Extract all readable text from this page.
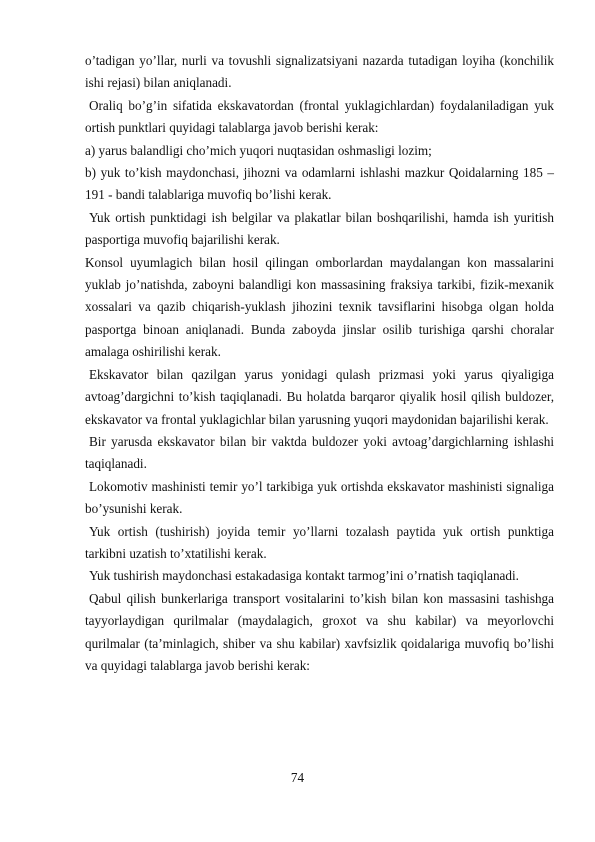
o’tadigan yo’llar, nurli va tovushli signalizatsiyani nazarda tutadigan loyiha (konchilik ishi rejasi) bilan aniqlanadi.

Oraliq bo’g’in sifatida ekskavatordan (frontal yuklagichlardan) foydalaniladigan yuk ortish punktlari quyidagi talablarga javob berishi kerak:

a) yarus balandligi cho’mich yuqori nuqtasidan oshmasligi lozim;

b) yuk to’kish maydonchasi, jihozni va odamlarni ishlashi mazkur Qoidalarning 185 – 191 - bandi talablariga muvofiq bo’lishi kerak.

Yuk ortish punktidagi ish belgilar va plakatlar bilan boshqarilishi, hamda ish yuritish pasportiga muvofiq bajarilishi kerak.

Konsol uyumlagich bilan hosil qilingan omborlardan maydalangan kon massalarini yuklab jo’natishda, zaboyni balandligi kon massasining fraksiya tarkibi, fizik-mexanik xossalari va qazib chiqarish-yuklash jihozini texnik tavsiflarini hisobga olgan holda pasportga binoan aniqlanadi. Bunda zaboyda jinslar osilib turishiga qarshi choralar amalaga oshirilishi kerak.

Ekskavator bilan qazilgan yarus yonidagi qulash prizmasi yoki yarus qiyaligiga avtoag’dargichni to’kish taqiqlanadi. Bu holatda barqaror qiyalik hosil qilish buldozer, ekskavator va frontal yuklagichlar bilan yarusning yuqori maydonidan bajarilishi kerak.

Bir yarusda ekskavator bilan bir vaktda buldozer yoki avtoag’dargichlarning ishlashi taqiqlanadi.

Lokomotiv mashinisti temir yo’l tarkibiga yuk ortishda ekskavator mashinisti signaliga bo’ysunishi kerak.

Yuk ortish (tushirish) joyida temir yo’llarni tozalash paytida yuk ortish punktiga tarkibni uzatish to’xtatilishi kerak.

Yuk tushirish maydonchasi estakadasiga kontakt tarmog’ini o’rnatish taqiqlanadi.

Qabul qilish bunkerlariga transport vositalarini to’kish bilan kon massasini tashishga tayyorlaydigan qurilmalar (maydalagich, groxot va shu kabilar) va meyorlovchi qurilmalar (ta’minlagich, shiber va shu kabilar) xavfsizlik qoidalariga muvofiq bo’lishi va quyidagi talablarga javob berishi kerak:

74
